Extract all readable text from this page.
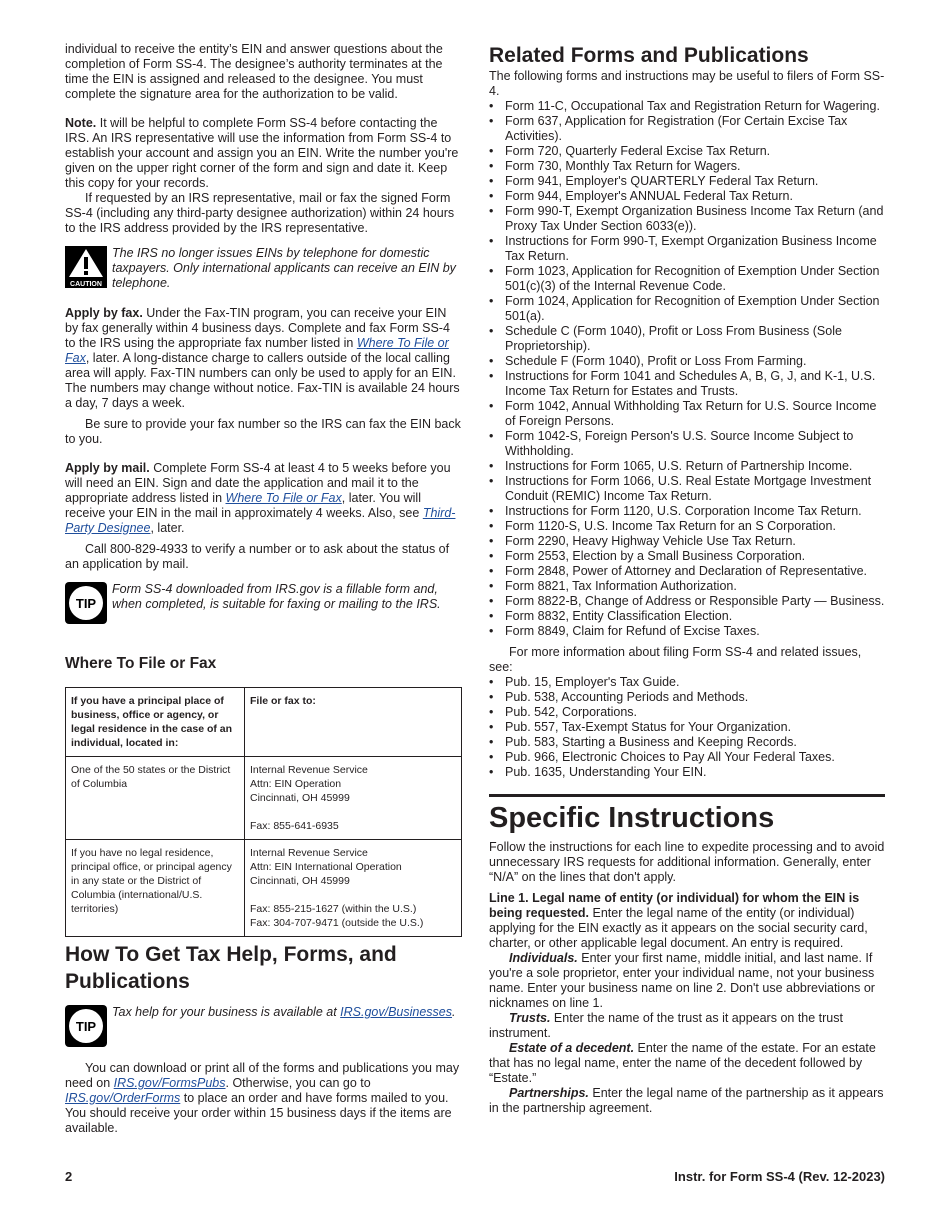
individual to receive the entity’s EIN and answer questions about the completion of Form SS-4. The designee’s authority terminates at the time the EIN is assigned and released to the designee. You must complete the signature area for the authorization to be valid.

Note. It will be helpful to complete Form SS-4 before contacting the IRS. An IRS representative will use the information from Form SS-4 to establish your account and assign you an EIN. Write the number you're given on the upper right corner of the form and sign and date it. Keep this copy for your records.

If requested by an IRS representative, mail or fax the signed Form SS-4 (including any third-party designee authorization) within 24 hours to the IRS address provided by the IRS representative.

CAUTION
The IRS no longer issues EINs by telephone for domestic taxpayers. Only international applicants can receive an EIN by telephone.

Apply by fax. Under the Fax-TIN program, you can receive your EIN by fax generally within 4 business days. Complete and fax Form SS-4 to the IRS using the appropriate fax number listed in Where To File or Fax, later. A long-distance charge to callers outside of the local calling area will apply. Fax-TIN numbers can only be used to apply for an EIN. The numbers may change without notice. Fax-TIN is available 24 hours a day, 7 days a week.

Be sure to provide your fax number so the IRS can fax the EIN back to you.

Apply by mail. Complete Form SS-4 at least 4 to 5 weeks before you will need an EIN. Sign and date the application and mail it to the appropriate address listed in Where To File or Fax, later. You will receive your EIN in the mail in approximately 4 weeks. Also, see Third-Party Designee, later.

Call 800-829-4933 to verify a number or to ask about the status of an application by mail.

TIP
Form SS-4 downloaded from IRS.gov is a fillable form and, when completed, is suitable for faxing or mailing to the IRS.
Where To File or Fax
If you have a principal place of business, office or agency, or legal residence in the case of an individual, located in:	File or fax to:
One of the 50 states or the District of Columbia	Internal Revenue Service
Attn: EIN Operation
Cincinnati, OH 45999
Fax: 855-641-6935

If you have no legal residence, principal office, or principal agency in any state or the District of Columbia (international/U.S. territories)	Internal Revenue Service
Attn: EIN International Operation
Cincinnati, OH 45999
Fax: 855-215-1627 (within the U.S.)
Fax: 304-707-9471 (outside the U.S.)
How To Get Tax Help, Forms, and Publications
TIP
Tax help for your business is available at IRS.gov/Businesses.

You can download or print all of the forms and publications you may need on IRS.gov/FormsPubs. Otherwise, you can go to IRS.gov/OrderForms to place an order and have forms mailed to you. You should receive your order within 15 business days if the items are available.

Related Forms and Publications

The following forms and instructions may be useful to filers of Form SS-4.

• Form 11-C, Occupational Tax and Registration Return for Wagering.
• Form 637, Application for Registration (For Certain Excise Tax Activities).
• Form 720, Quarterly Federal Excise Tax Return.
• Form 730, Monthly Tax Return for Wagers.
• Form 941, Employer's QUARTERLY Federal Tax Return.
• Form 944, Employer's ANNUAL Federal Tax Return.
• Form 990-T, Exempt Organization Business Income Tax Return (and Proxy Tax Under Section 6033(e)).
• Instructions for Form 990-T, Exempt Organization Business Income Tax Return.
• Form 1023, Application for Recognition of Exemption Under Section 501(c)(3) of the Internal Revenue Code.
• Form 1024, Application for Recognition of Exemption Under Section 501(a).
• Schedule C (Form 1040), Profit or Loss From Business (Sole Proprietorship).
• Schedule F (Form 1040), Profit or Loss From Farming.
• Instructions for Form 1041 and Schedules A, B, G, J, and K-1, U.S. Income Tax Return for Estates and Trusts.
• Form 1042, Annual Withholding Tax Return for U.S. Source Income of Foreign Persons.
• Form 1042-S, Foreign Person's U.S. Source Income Subject to Withholding.
• Instructions for Form 1065, U.S. Return of Partnership Income.
• Instructions for Form 1066, U.S. Real Estate Mortgage Investment Conduit (REMIC) Income Tax Return.
• Instructions for Form 1120, U.S. Corporation Income Tax Return.
• Form 1120-S, U.S. Income Tax Return for an S Corporation.
• Form 2290, Heavy Highway Vehicle Use Tax Return.
• Form 2553, Election by a Small Business Corporation.
• Form 2848, Power of Attorney and Declaration of Representative.
• Form 8821, Tax Information Authorization.
• Form 8822-B, Change of Address or Responsible Party — Business.
• Form 8832, Entity Classification Election.
• Form 8849, Claim for Refund of Excise Taxes.

For more information about filing Form SS-4 and related issues, see:

• Pub. 15, Employer's Tax Guide.
• Pub. 538, Accounting Periods and Methods.
• Pub. 542, Corporations.
• Pub. 557, Tax-Exempt Status for Your Organization.
• Pub. 583, Starting a Business and Keeping Records.
• Pub. 966, Electronic Choices to Pay All Your Federal Taxes.
• Pub. 1635, Understanding Your EIN.
Specific Instructions

Follow the instructions for each line to expedite processing and to avoid unnecessary IRS requests for additional information. Generally, enter “N/A” on the lines that don't apply.

Line 1. Legal name of entity (or individual) for whom the EIN is being requested. Enter the legal name of the entity (or individual) applying for the EIN exactly as it appears on the social security card, charter, or other applicable legal document. An entry is required.

Individuals. Enter your first name, middle initial, and last name. If you're a sole proprietor, enter your individual name, not your business name. Enter your business name on line 2. Don't use abbreviations or nicknames on line 1.

Trusts. Enter the name of the trust as it appears on the trust instrument.

Estate of a decedent. Enter the name of the estate. For an estate that has no legal name, enter the name of the decedent followed by “Estate.”

Partnerships. Enter the legal name of the partnership as it appears in the partnership agreement.

2	Instr. for Form SS-4 (Rev. 12-2023)
